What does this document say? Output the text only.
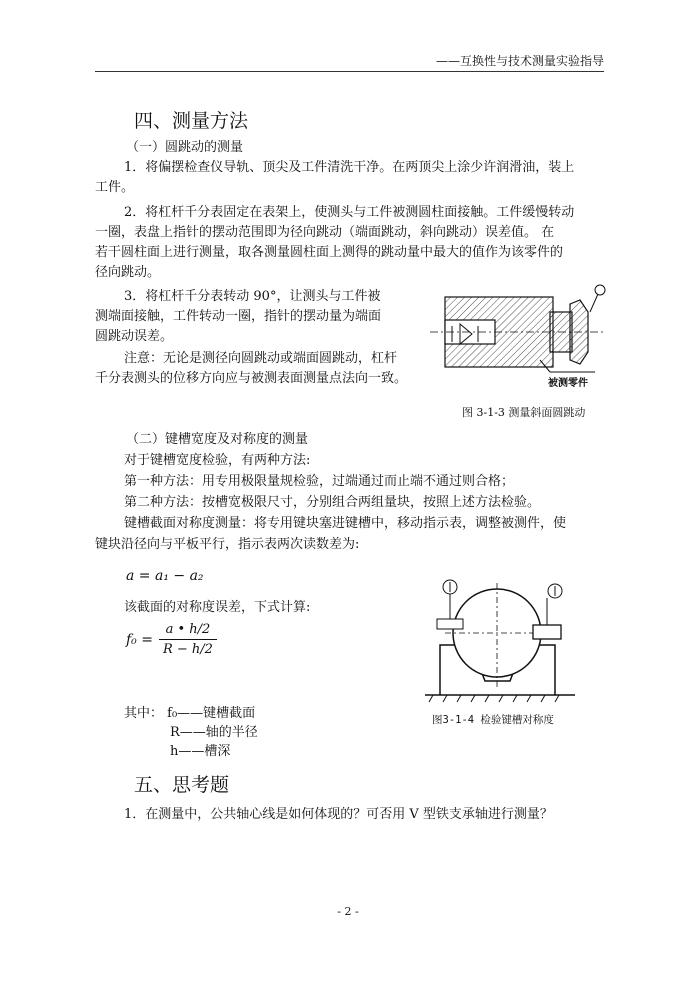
——互换性与技术测量实验指导
四、测量方法
（一）圆跳动的测量
1．将偏摆检查仪导轨、顶尖及工件清洗干净。在两顶尖上涂少许润滑油，装上
工件。
2．将杠杆千分表固定在表架上，使测头与工件被测圆柱面接触。工件缓慢转动
一圈，表盘上指针的摆动范围即为径向跳动（端面跳动，斜向跳动）误差值。 在
若干圆柱面上进行测量，取各测量圆柱面上测得的跳动量中最大的值作为该零件的
径向跳动。
3．将杠杆千分表转动 90°，让测头与工件被
测端面接触，工件转动一圈，指针的摆动量为端面
圆跳动误差。
注意：无论是测径向圆跳动或端面圆跳动，杠杆
千分表测头的位移方向应与被测表面测量点法向一致。	被测零件
图 3-1-3 测量斜面圆跳动
（二）键槽宽度及对称度的测量
对于键槽宽度检验，有两种方法:
第一种方法：用专用极限量规检验，过端通过而止端不通过则合格；
第二种方法：按槽宽极限尺寸，分别组合两组量块，按照上述方法检验。
键槽截面对称度测量：将专用键块塞进键槽中，移动指示表，调整被测件，使
键块沿径向与平板平行，指示表两次读数差为:
a = a₁ − a₂
该截面的对称度误差，下式计算:
$f_0 = \frac{a • h/2}{R - h/2}$
其中： f₀——键槽截面
R——轴的半径
h——槽深
图3-1-4 检验键槽对称度
五、思考题
1．在测量中，公共轴心线是如何体现的？可否用 V 型铁支承轴进行测量？
- 2 -
